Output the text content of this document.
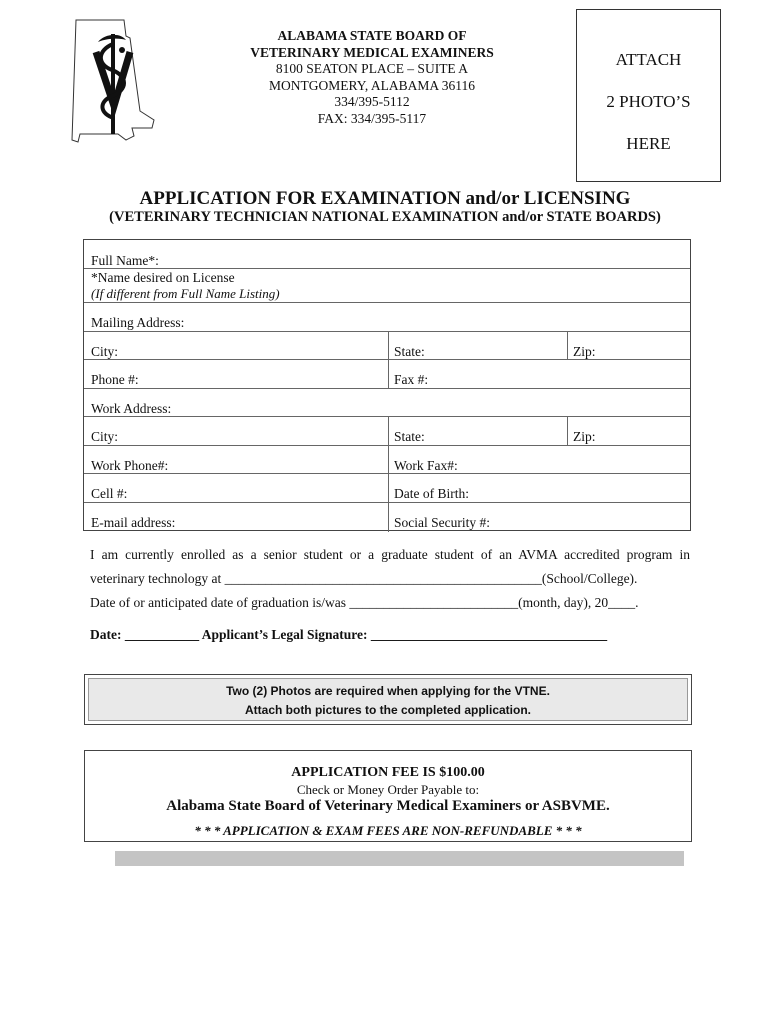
ALABAMA STATE BOARD OF
VETERINARY MEDICAL EXAMINERS
8100 SEATON PLACE – SUITE A
MONTGOMERY, ALABAMA 36116
334/395-5112
FAX: 334/395-5117
ATTACH
2 PHOTO’S
HERE
APPLICATION FOR EXAMINATION and/or LICENSING
(VETERINARY TECHNICIAN NATIONAL EXAMINATION and/or STATE BOARDS)
Full Name*:
*Name desired on License
(If different from Full Name Listing)
Mailing Address:
City:	State:	Zip:
Phone #:	Fax #:
Work Address:
City:	State:	Zip:
Work Phone#:	Work Fax#:
Cell #:	Date of Birth:
E-mail address:	Social Security #:
I am currently enrolled as a senior student or a graduate student of an AVMA accredited program in
veterinary technology at _______________________________________________(School/College).
Date of or anticipated date of graduation is/was _________________________(month, day), 20____.
Date: ___________ Applicant’s Legal Signature: ___________________________________
Two (2) Photos are required when applying for the VTNE.
Attach both pictures to the completed application.
APPLICATION FEE IS $100.00
Check or Money Order Payable to:
Alabama State Board of Veterinary Medical Examiners or ASBVME.
* * * APPLICATION & EXAM FEES ARE NON-REFUNDABLE * * *
